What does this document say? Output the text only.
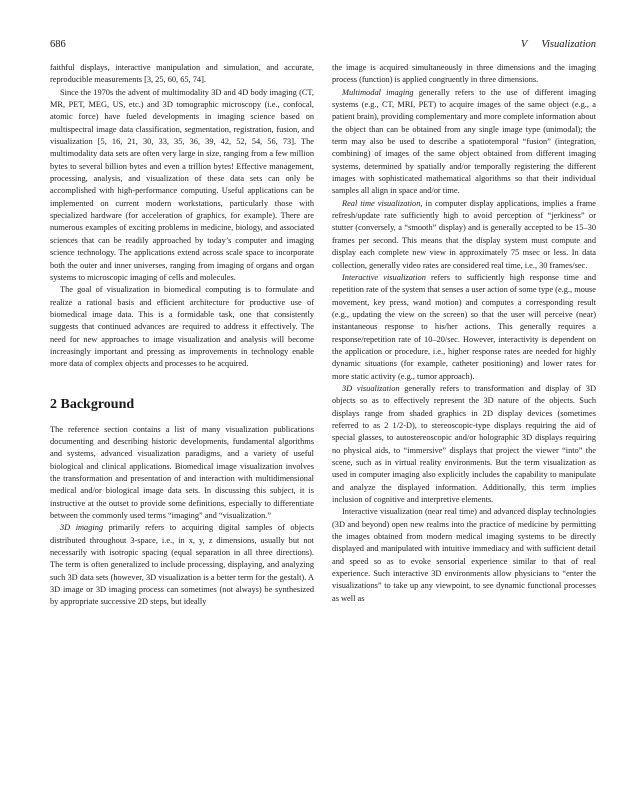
686	V Visualization

faithful displays, interactive manipulation and simulation, and accurate, reproducible measurements [3, 25, 60, 65, 74].

Since the 1970s the advent of multimodality 3D and 4D body imaging (CT, MR, PET, MEG, US, etc.) and 3D tomographic microscopy (i.e., confocal, atomic force) have fueled developments in imaging science based on multispectral image data classification, segmentation, registration, fusion, and visualization [5, 16, 21, 30, 33, 35, 36, 39, 42, 52, 54, 56, 73]. The multimodality data sets are often very large in size, ranging from a few million bytes to several billion bytes and even a trillion bytes! Effective management, processing, analysis, and visualization of these data sets can only be accomplished with high-performance computing. Useful applications can be implemented on current modern workstations, particularly those with specialized hardware (for acceleration of graphics, for example). There are numerous examples of exciting problems in medicine, biology, and associated sciences that can be readily approached by today’s computer and imaging science technology. The applications extend across scale space to incorporate both the outer and inner universes, ranging from imaging of organs and organ systems to microscopic imaging of cells and molecules.

The goal of visualization in biomedical computing is to formulate and realize a rational basis and efficient architecture for productive use of biomedical image data. This is a formidable task, one that consistently suggests that continued advances are required to address it effectively. The need for new approaches to image visualization and analysis will become increasingly important and pressing as improvements in technology enable more data of complex objects and processes to be acquired.

2 Background

The reference section contains a list of many visualization publications documenting and describing historic developments, fundamental algorithms and systems, advanced visualization paradigms, and a variety of useful biological and clinical applications. Biomedical image visualization involves the transformation and presentation of and interaction with multidimensional medical and/or biological image data sets. In discussing this subject, it is instructive at the outset to provide some definitions, especially to differentiate between the commonly used terms “imaging” and “visualization.”

3D imaging primarily refers to acquiring digital samples of objects distributed throughout 3-space, i.e., in x, y, z dimensions, usually but not necessarily with isotropic spacing (equal separation in all three directions). The term is often generalized to include processing, displaying, and analyzing such 3D data sets (however, 3D visualization is a better term for the gestalt). A 3D image or 3D imaging process can sometimes (not always) be synthesized by appropriate successive 2D steps, but ideally

the image is acquired simultaneously in three dimensions and the imaging process (function) is applied congruently in three dimensions.

Multimodal imaging generally refers to the use of different imaging systems (e.g., CT, MRI, PET) to acquire images of the same object (e.g., a patient brain), providing complementary and more complete information about the object than can be obtained from any single image type (unimodal); the term may also be used to describe a spatiotemporal “fusion” (integration, combining) of images of the same object obtained from different imaging systems, determined by spatially and/or temporally registering the different images with sophisticated mathematical algorithms so that their individual samples all align in space and/or time.

Real time visualization, in computer display applications, implies a frame refresh/update rate sufficiently high to avoid perception of “jerkiness” or stutter (conversely, a “smooth” display) and is generally accepted to be 15–30 frames per second. This means that the display system must compute and display each complete new view in approximately 75 msec or less. In data collection, generally video rates are considered real time, i.e., 30 frames/sec.

Interactive visualization refers to sufficiently high response time and repetition rate of the system that senses a user action of some type (e.g., mouse movement, key press, wand motion) and computes a corresponding result (e.g., updating the view on the screen) so that the user will perceive (near) instantaneous response to his/her actions. This generally requires a response/repetition rate of 10–20/sec. However, interactivity is dependent on the application or procedure, i.e., higher response rates are needed for highly dynamic situations (for example, catheter positioning) and lower rates for more static activity (e.g., tumor approach).

3D visualization generally refers to transformation and display of 3D objects so as to effectively represent the 3D nature of the objects. Such displays range from shaded graphics in 2D display devices (sometimes referred to as 2 1/2-D), to stereoscopic-type displays requiring the aid of special glasses, to autostereoscopic and/or holographic 3D displays requiring no physical aids, to “immersive” displays that project the viewer “into” the scene, such as in virtual reality environments. But the term visualization as used in computer imaging also explicitly includes the capability to manipulate and analyze the displayed information. Additionally, this term implies inclusion of cognitive and interpretive elements.

Interactive visualization (near real time) and advanced display technologies (3D and beyond) open new realms into the practice of medicine by permitting the images obtained from modern medical imaging systems to be directly displayed and manipulated with intuitive immediacy and with sufficient detail and speed so as to evoke sensorial experience similar to that of real experience. Such interactive 3D environments allow physicians to “enter the visualizations” to take up any viewpoint, to see dynamic functional processes as well as
